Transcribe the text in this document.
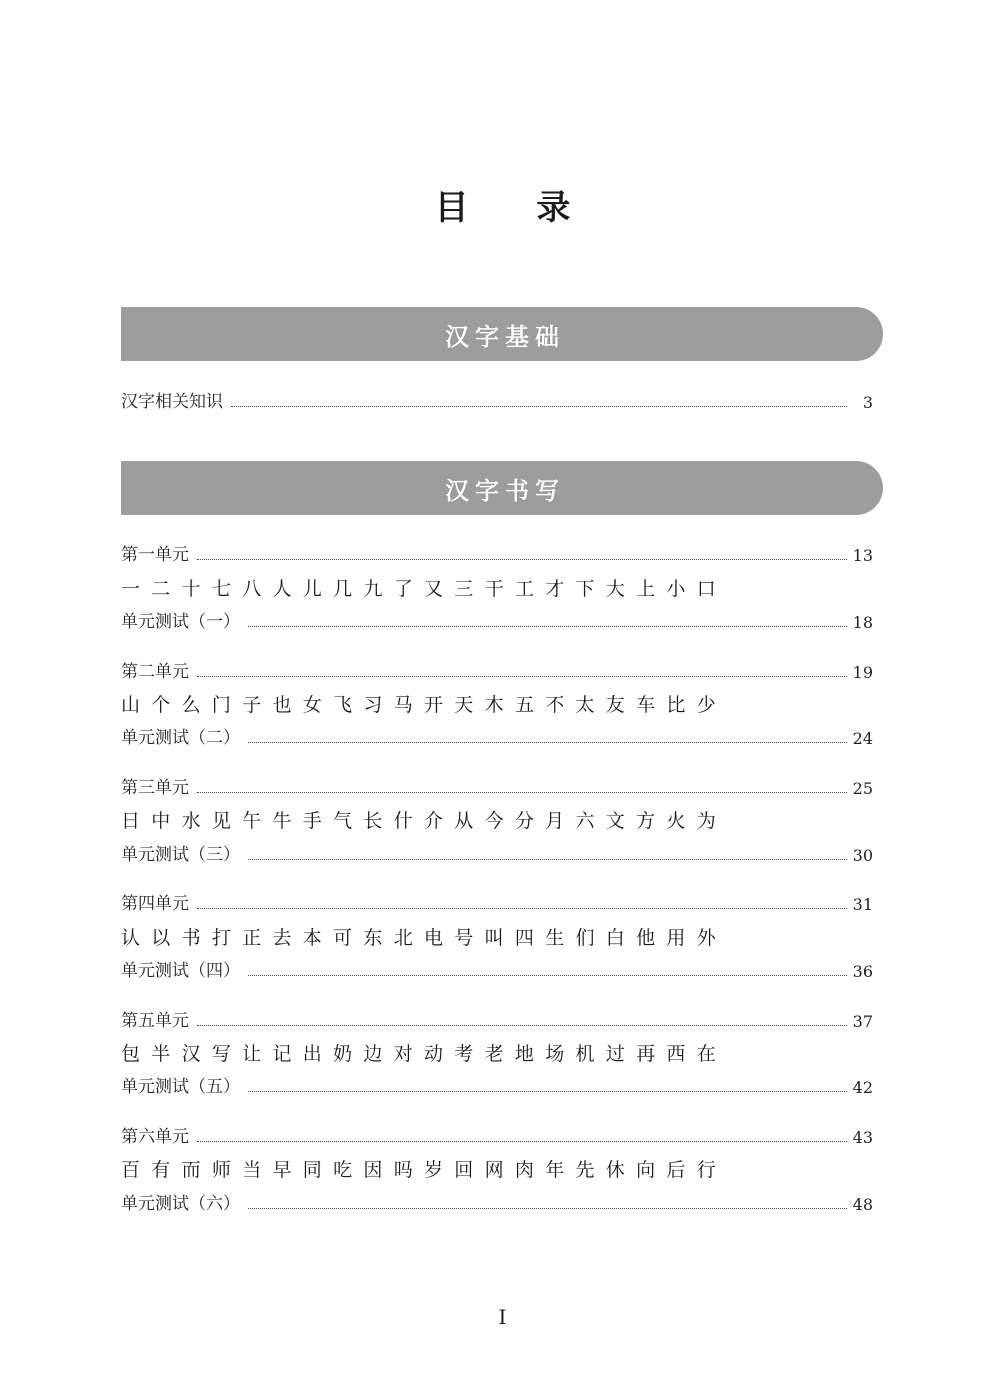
目 录
汉字基础
汉字相关知识	3
汉字书写
第一单元	13
一二十七八人儿几九了又三干工才下大上小口
单元测试（一）	18
第二单元	19
山个么门子也女飞习马开天木五不太友车比少
单元测试（二）	24
第三单元	25
日中水见午牛手气长什介从今分月六文方火为
单元测试（三）	30
第四单元	31
认以书打正去本可东北电号叫四生们白他用外
单元测试（四）	36
第五单元	37
包半汉写让记出奶边对动考老地场机过再西在
单元测试（五）	42
第六单元	43
百有而师当早同吃因吗岁回网肉年先休向后行
单元测试（六）	48
I
